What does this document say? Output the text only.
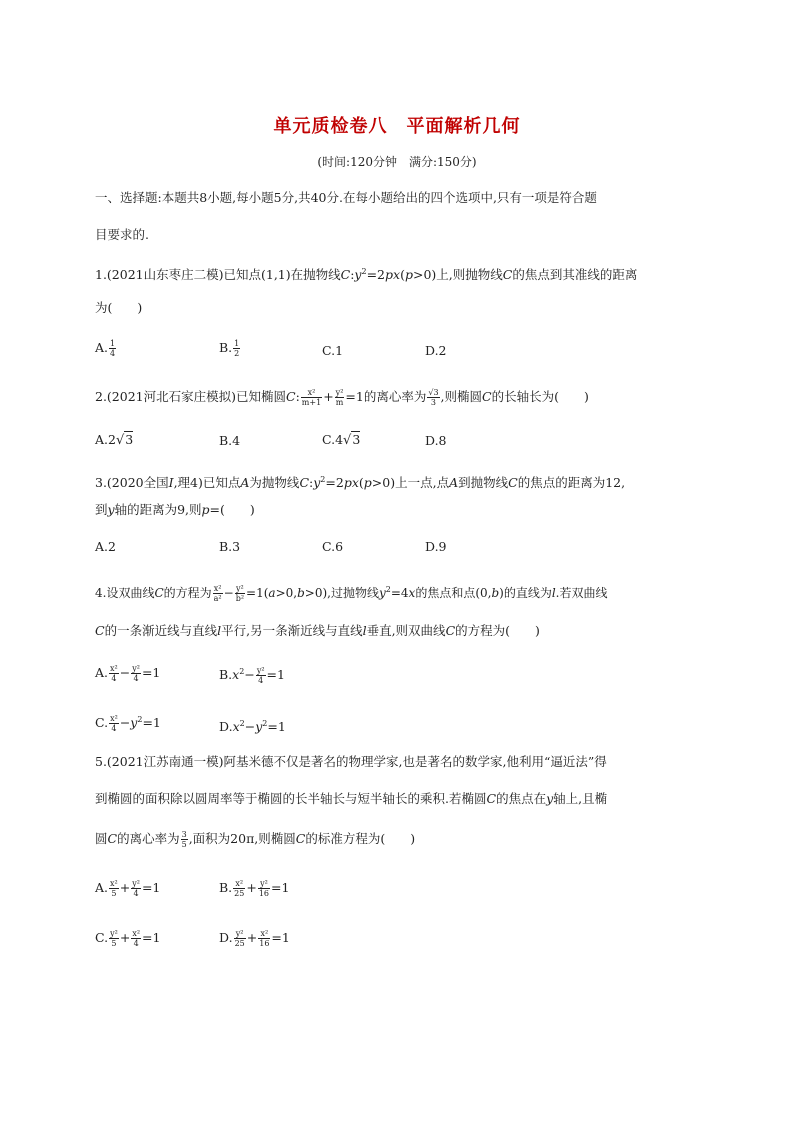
单元质检卷八　平面解析几何
(时间:120分钟　满分:150分)
一、选择题:本题共8小题,每小题5分,共40分.在每小题给出的四个选项中,只有一项是符合题
目要求的.
1.(2021山东枣庄二模)已知点(1,1)在抛物线$C:y^2=2px(p>0)$上,则抛物线C的焦点到其准线的距离
为(　　)
A. $\frac{1}{4}$	B. $\frac{1}{2}$	C.1	D.2
2.(2021河北石家庄模拟)已知椭圆C: $\frac{\text{x²}}{m+1} + \frac{\text{y²}}{m} =1$的离心率为 $\frac{√3}{3}$ ,则椭圆C的长轴长为(　　)
A.2√3	B.4	C.4√3	D.8
3.(2020全国Ⅰ,理4)已知点A为抛物线$C:y^2=2px(p>0)$上一点,点A到抛物线C的焦点的距离为12,
到y轴的距离为9,则p=(　　)
A.2	B.3	C.6	D.9
4.设双曲线C的方程为 $\frac{\text{x²}}{\text{a²}} - \frac{\text{y²}}{\text{b²}} =1(a>0,b>0)$,过抛物线$y^2=4x$的焦点和点(0,b)的直线为l.若双曲线
C的一条渐近线与直线l平行,另一条渐近线与直线l垂直,则双曲线C的方程为(　　)
A. $\frac{\text{x²}}{4} - \frac{\text{y²}}{4} =1$	$B.x^2- \frac{\text{y²}}{4} =1$
C. $\frac{\text{x²}}{4} -y^2=1$	$D.x^2-y^2=1$
5.(2021江苏南通一模)阿基米德不仅是著名的物理学家,也是著名的数学家,他利用“逼近法”得
到椭圆的面积除以圆周率等于椭圆的长半轴长与短半轴长的乘积.若椭圆C的焦点在y轴上,且椭
圆C的离心率为 $\frac{3}{5}$ ,面积为20π,则椭圆C的标准方程为(　　)
A. $\frac{\text{x²}}{5} + \frac{\text{y²}}{4} =1$	B. $\frac{\text{x²}}{25} + \frac{\text{y²}}{16} =1$
C. $\frac{\text{y²}}{5} + \frac{\text{x²}}{4} =1$	D. $\frac{\text{y²}}{25} + \frac{\text{x²}}{16} =1$
